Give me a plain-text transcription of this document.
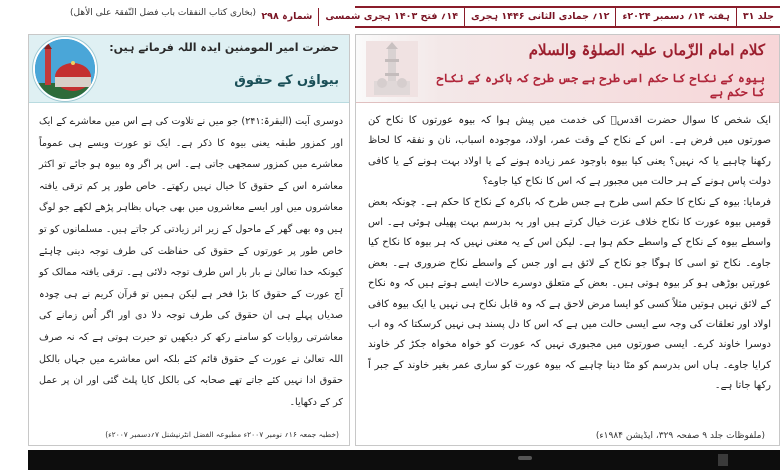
(بخاری کتاب النفقات باب فضل النّفقۃ علی الأھل)	جلد ۳۱
ہفتہ ۱۴؍ دسمبر ۲۰۲۴ء
۱۲؍ جمادی الثانی ۱۴۴۶ ہجری
۱۴؍ فتح ۱۴۰۳ ہجری شمسی
شمارہ ۲۹۸
کلام امام الزّماں علیہ الصلوٰۃ والسلام
بیوہ کے نکاح کا حکم اسی طرح ہے جس طرح کہ باکرہ کے نکاح کا حکم ہے

ایک شخص کا سوال حضرت اقدسؑ کی خدمت میں پیش ہوا کہ بیوہ عورتوں کا نکاح کن صورتوں میں فرض ہے۔ اس کے نکاح کے وقت عمر، اولاد، موجودہ اسباب، نان و نفقہ کا لحاظ رکھنا چاہیے یا کہ نہیں؟ یعنی کیا بیوہ باوجود عمر زیادہ ہونے کے یا اولاد بہت ہونے کے یا کافی دولت پاس ہونے کے ہر حالت میں مجبور ہے کہ اس کا نکاح کیا جاوے؟

فرمایا: بیوہ کے نکاح کا حکم اسی طرح ہے جس طرح کہ باکرہ کے نکاح کا حکم ہے۔ چونکہ بعض قومیں بیوہ عورت کا نکاح خلاف عزت خیال کرتے ہیں اور یہ بدرسم بہت پھیلی ہوئی ہے۔ اس واسطے بیوہ کے نکاح کے واسطے حکم ہوا ہے۔ لیکن اس کے یہ معنی نہیں کہ ہر بیوہ کا نکاح کیا جاوے۔ نکاح تو اسی کا ہوگا جو نکاح کے لائق ہے اور جس کے واسطے نکاح ضروری ہے۔ بعض عورتیں بوڑھی ہو کر بیوہ ہوتی ہیں۔ بعض کے متعلق دوسرے حالات ایسے ہوتے ہیں کہ وہ نکاح کے لائق نہیں ہوتیں مثلاً کسی کو ایسا مرض لاحق ہے کہ وہ قابل نکاح ہی نہیں یا ایک بیوہ کافی اولاد اور تعلقات کی وجہ سے ایسی حالت میں ہے کہ اس کا دل پسند ہی نہیں کرسکتا کہ وہ اب دوسرا خاوند کرے۔ ایسی صورتوں میں مجبوری نہیں کہ عورت کو خواہ مخواہ جکڑ کر خاوند کرایا جاوے۔ ہاں اس بدرسم کو مٹا دینا چاہیے کہ بیوہ عورت کو ساری عمر بغیر خاوند کے جبر اً رکھا جاتا ہے۔

(ملفوظات جلد ۹ صفحہ ۳۲۹، ایڈیشن ۱۹۸۴ء)
حضرت امیر المومنین ایدہ اللہ فرماتے ہیں:
بیواؤں کے حقوق
دوسری آیت (البقرۃ:۲۴۱) جو میں نے تلاوت کی ہے اس میں معاشرے کے ایک اور کمزور طبقہ یعنی بیوہ کا ذکر ہے۔ ایک تو عورت ویسے ہی عموماً معاشرے میں کمزور سمجھی جاتی ہے۔ اس پر اگر وہ بیوہ ہو جائے تو اکثر معاشرہ اس کے حقوق کا خیال نہیں رکھتے۔ خاص طور پر کم ترقی یافتہ معاشروں میں اور ایسے معاشروں میں بھی جہاں بظاہر پڑھے لکھے جو لوگ ہیں وہ بھی گھر کے ماحول کے زیر اثر زیادتی کر جاتے ہیں۔ مسلمانوں کو تو خاص طور پر عورتوں کے حقوق کی حفاظت کی طرف توجہ دینی چاہئے کیونکہ خدا تعالیٰ نے بار بار اس طرف توجہ دلائی ہے۔ ترقی یافتہ ممالک کو آج عورت کے حقوق کا بڑا فخر ہے لیکن ہمیں تو قرآن کریم نے ہی چودہ صدیاں پہلے ہی ان حقوق کی طرف توجہ دلا دی اور اگر اُس زمانے کی معاشرتی روایات کو سامنے رکھ کر دیکھیں تو حیرت ہوتی ہے کہ نہ صرف اللہ تعالیٰ نے عورت کے حقوق قائم کئے بلکہ اس معاشرے میں جہاں بالکل حقوق ادا نہیں کئے جاتے تھے صحابہ کی بالکل کایا پلٹ گئی اور ان پر عمل کر کے دکھایا۔
(خطبہ جمعہ ۱۶؍ نومبر ۲۰۰۷ء مطبوعہ الفضل انٹرنیشنل ۷؍دسمبر ۲۰۰۷ء)
